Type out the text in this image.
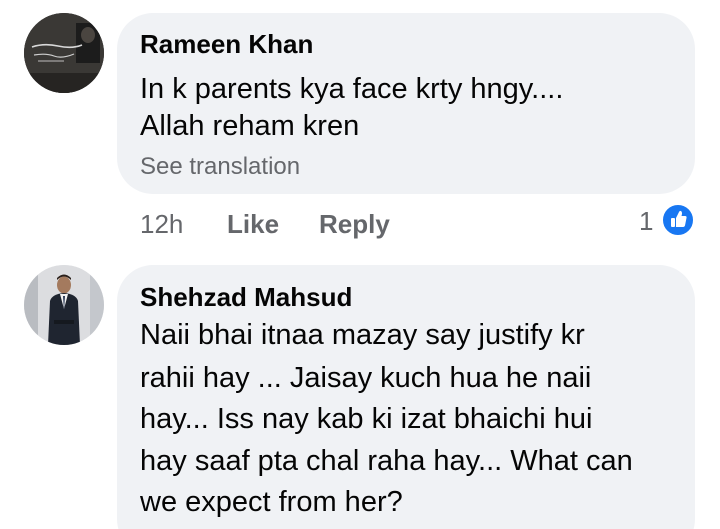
Rameen Khan
In k parents kya face krty hngy....
Allah reham kren
See translation
12h Like Reply	1
Shehzad Mahsud
Naii bhai itnaa mazay say justify kr
rahii hay ... Jaisay kuch hua he naii
hay... Iss nay kab ki izat bhaichi hui
hay saaf pta chal raha hay... What can
we expect from her?
